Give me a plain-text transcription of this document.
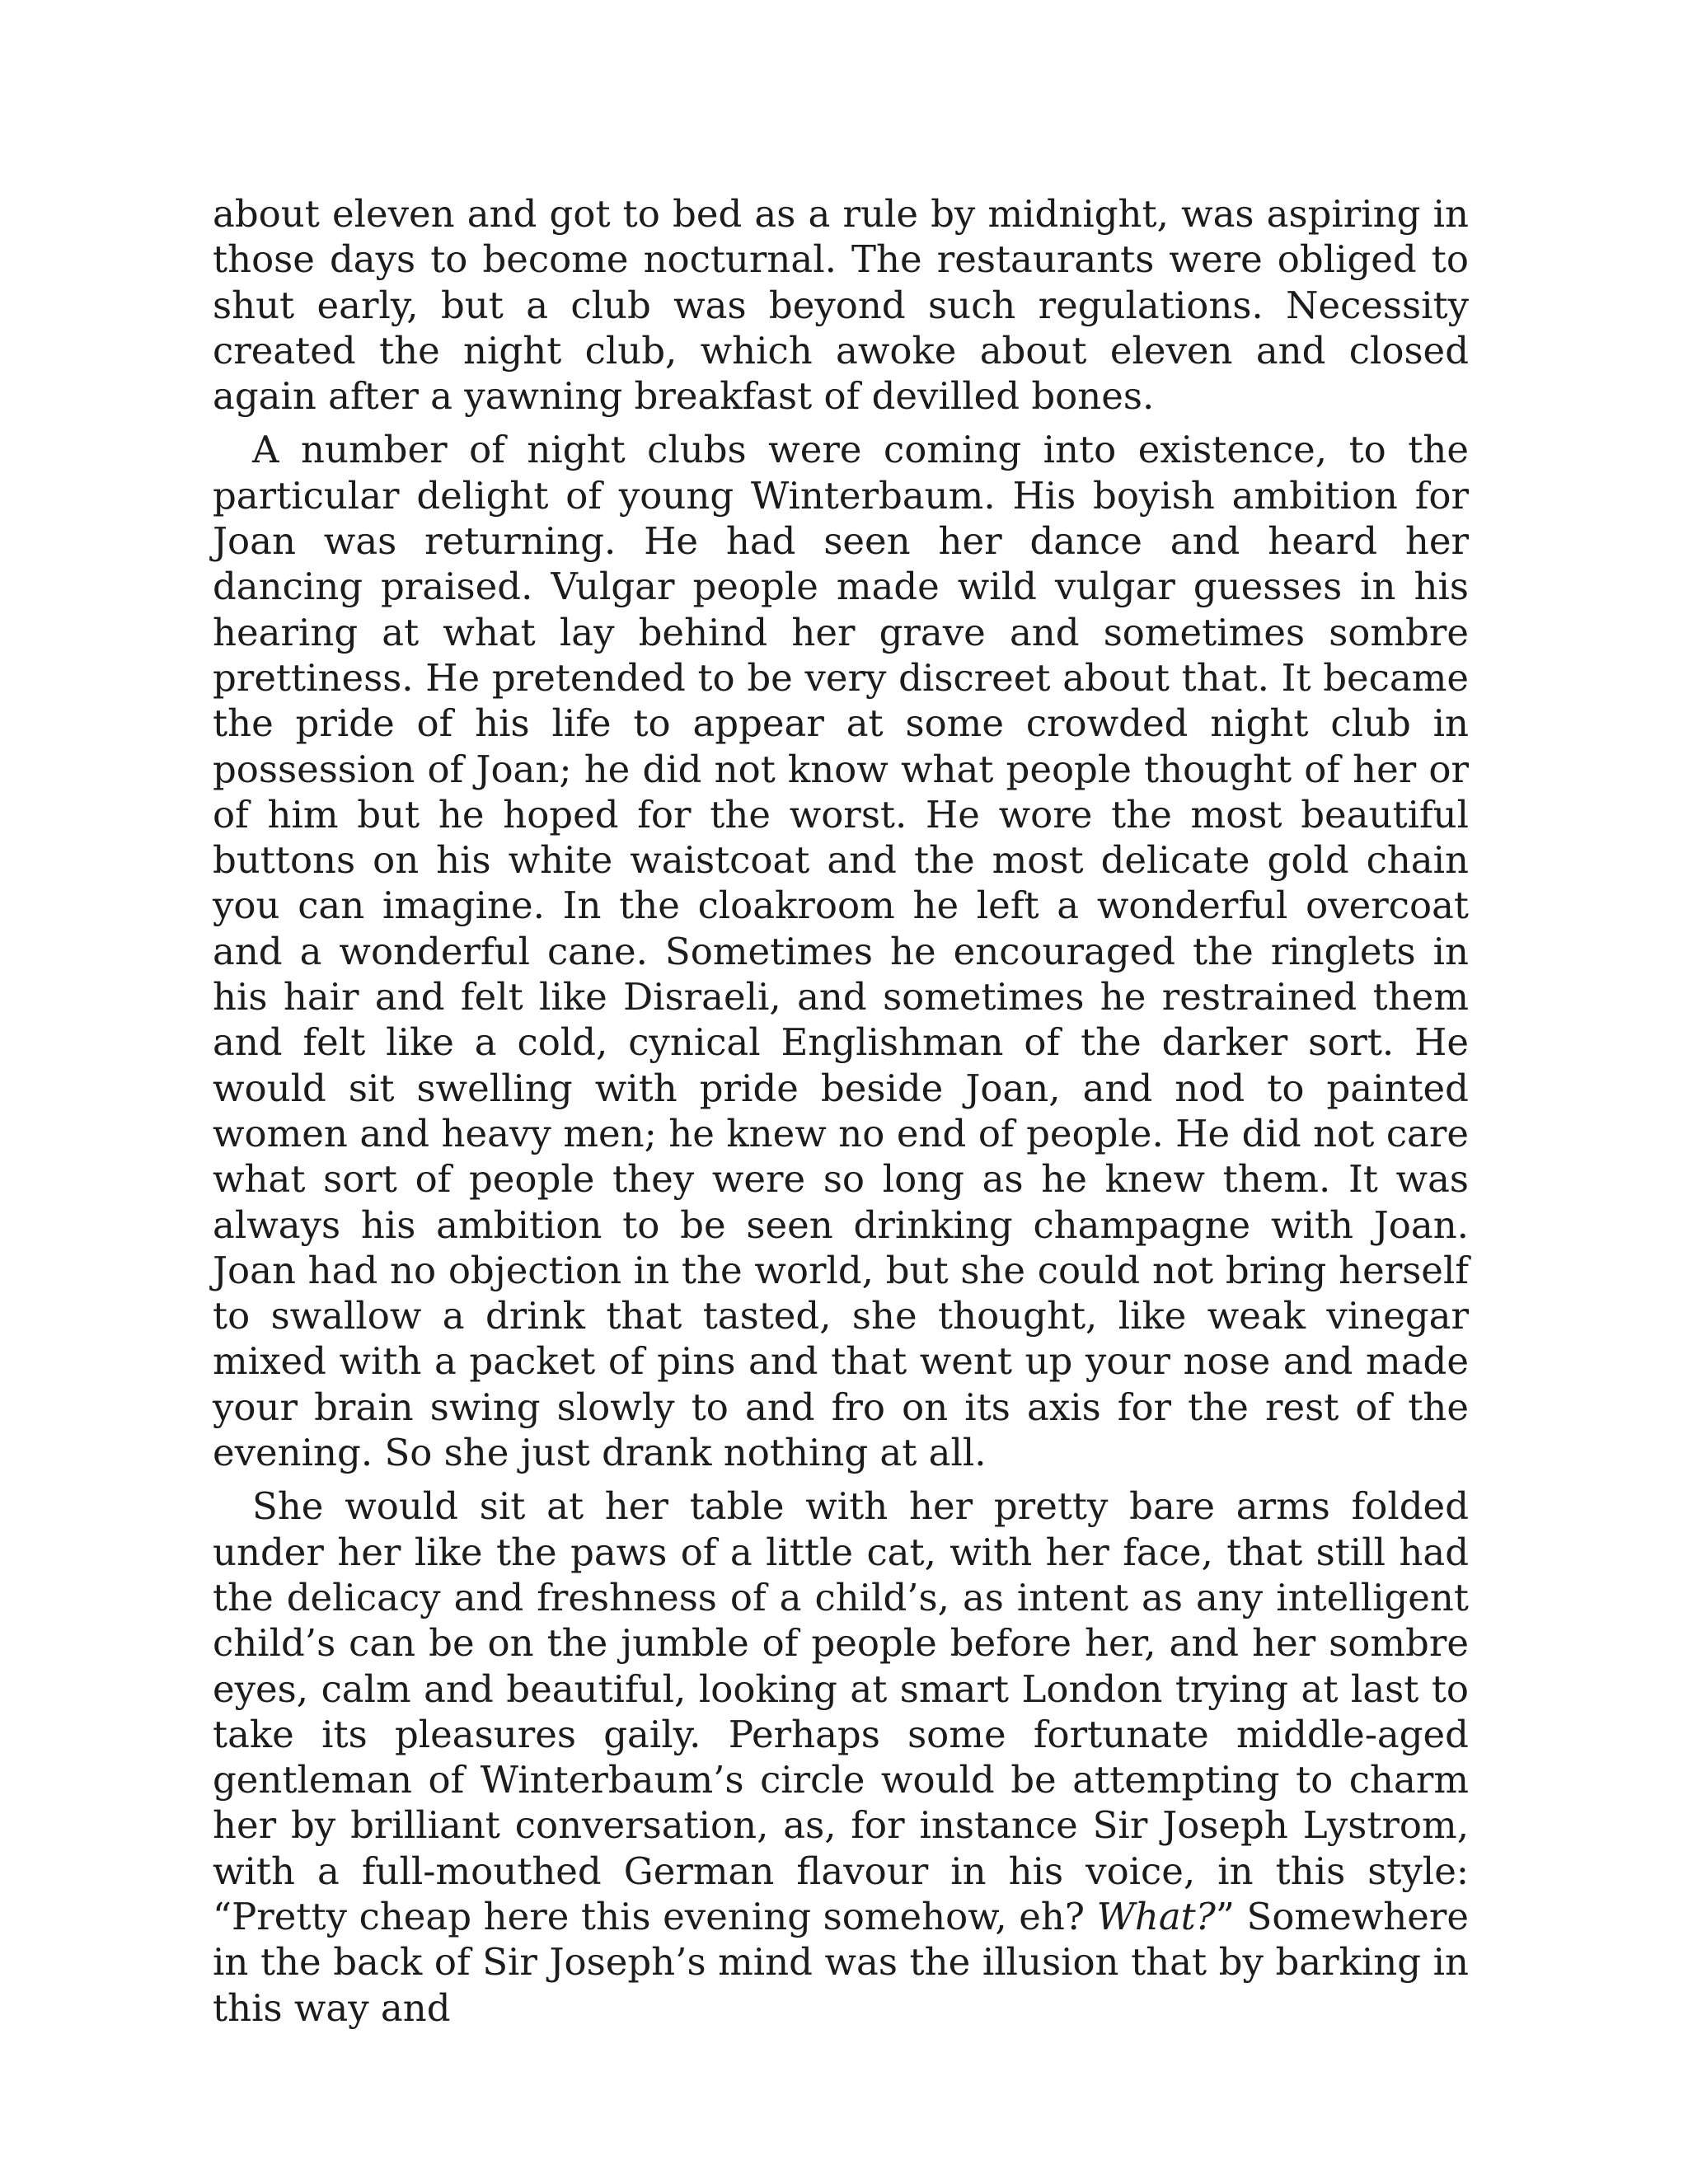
about eleven and got to bed as a rule by midnight, was aspiring in those days to become nocturnal. The restaurants were obliged to shut early, but a club was beyond such regulations. Necessity created the night club, which awoke about eleven and closed again after a yawning breakfast of devilled bones.

A number of night clubs were coming into existence, to the particular delight of young Winterbaum. His boyish ambition for Joan was returning. He had seen her dance and heard her dancing praised. Vulgar people made wild vulgar guesses in his hearing at what lay behind her grave and sometimes sombre prettiness. He pretended to be very discreet about that. It became the pride of his life to appear at some crowded night club in possession of Joan; he did not know what people thought of her or of him but he hoped for the worst. He wore the most beautiful buttons on his white waistcoat and the most delicate gold chain you can imagine. In the cloakroom he left a wonderful overcoat and a wonderful cane. Sometimes he encouraged the ringlets in his hair and felt like Disraeli, and sometimes he restrained them and felt like a cold, cynical Englishman of the darker sort. He would sit swelling with pride beside Joan, and nod to painted women and heavy men; he knew no end of people. He did not care what sort of people they were so long as he knew them. It was always his ambition to be seen drinking champagne with Joan. Joan had no objection in the world, but she could not bring herself to swallow a drink that tasted, she thought, like weak vinegar mixed with a packet of pins and that went up your nose and made your brain swing slowly to and fro on its axis for the rest of the evening. So she just drank nothing at all.

She would sit at her table with her pretty bare arms folded under her like the paws of a little cat, with her face, that still had the delicacy and freshness of a child’s, as intent as any intelligent child’s can be on the jumble of people before her, and her sombre eyes, calm and beautiful, looking at smart London trying at last to take its pleasures gaily. Perhaps some fortunate middle-aged gentleman of Winterbaum’s circle would be attempting to charm her by brilliant conversation, as, for instance Sir Joseph Lystrom, with a full-mouthed German flavour in his voice, in this style: “Pretty cheap here this evening somehow, eh? What?” Somewhere in the back of Sir Joseph’s mind was the illusion that by barking in this way and
